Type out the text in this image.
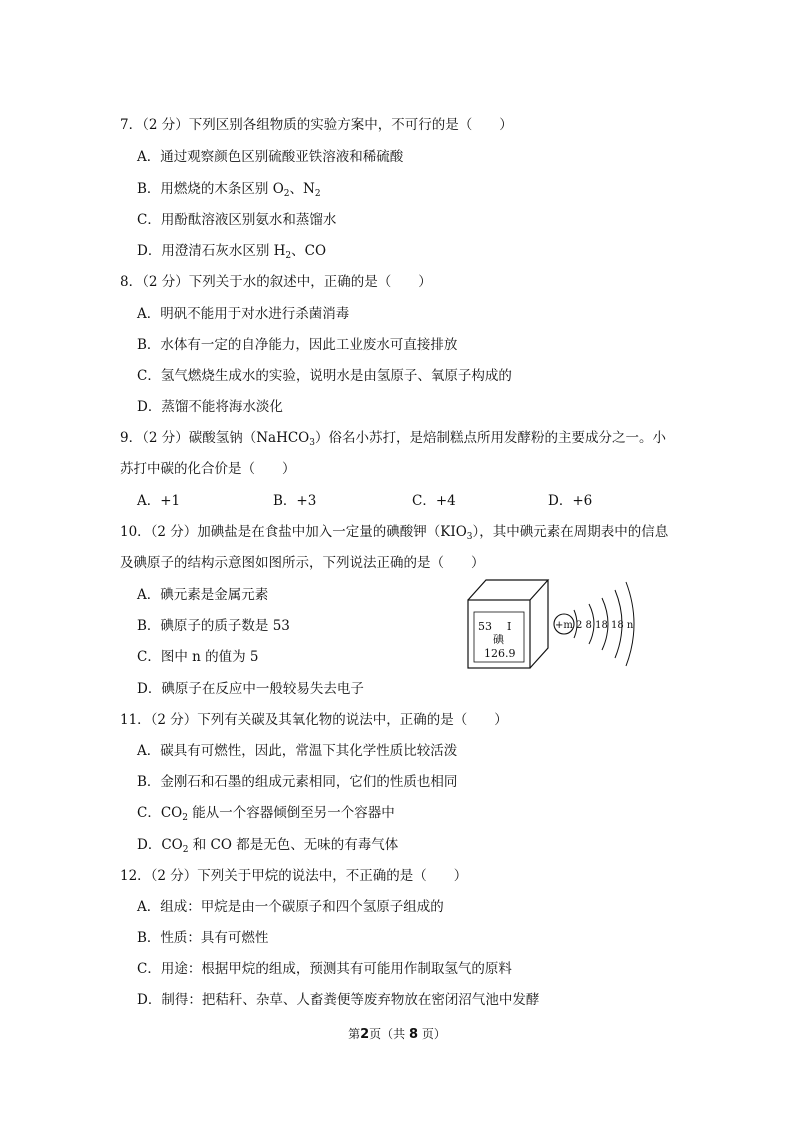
7．（2 分）下列区别各组物质的实验方案中，不可行的是（　　）
A．通过观察颜色区别硫酸亚铁溶液和稀硫酸
B．用燃烧的木条区别 $O_2$、$N_2$
C．用酚酞溶液区别氨水和蒸馏水
D．用澄清石灰水区别 $H_2$、CO
8．（2 分）下列关于水的叙述中，正确的是（　　）
A．明矾不能用于对水进行杀菌消毒
B．水体有一定的自净能力，因此工业废水可直接排放
C．氢气燃烧生成水的实验，说明水是由氢原子、氧原子构成的
D．蒸馏不能将海水淡化
9．（2 分）碳酸氢钠（NaHCO$_3$）俗名小苏打，是焙制糕点所用发酵粉的主要成分之一。小
苏打中碳的化合价是（　　）
A．+1	B．+3	C．+4	D．+6
10．（2 分）加碘盐是在食盐中加入一定量的碘酸钾$(KIO_3)$，其中碘元素在周期表中的信息
及碘原子的结构示意图如图所示，下列说法正确的是（　　）
A．碘元素是金属元素
B．碘原子的质子数是 53
C．图中 n 的值为 5
D．碘原子在反应中一般较易失去电子
53 I
碘
126.9
+m 2 8 18 18 n
11．（2 分）下列有关碳及其氧化物的说法中，正确的是（　　）
A．碳具有可燃性，因此，常温下其化学性质比较活泼
B．金刚石和石墨的组成元素相同，它们的性质也相同
C．$CO_2$ 能从一个容器倾倒至另一个容器中
D．$CO_2$ 和 CO 都是无色、无味的有毒气体
12．（2 分）下列关于甲烷的说法中，不正确的是（　　）
A．组成：甲烷是由一个碳原子和四个氢原子组成的
B．性质：具有可燃性
C．用途：根据甲烷的组成，预测其有可能用作制取氢气的原料
D．制得：把秸秆、杂草、人畜粪便等废弃物放在密闭沼气池中发酵
第2页（共 8 页）
